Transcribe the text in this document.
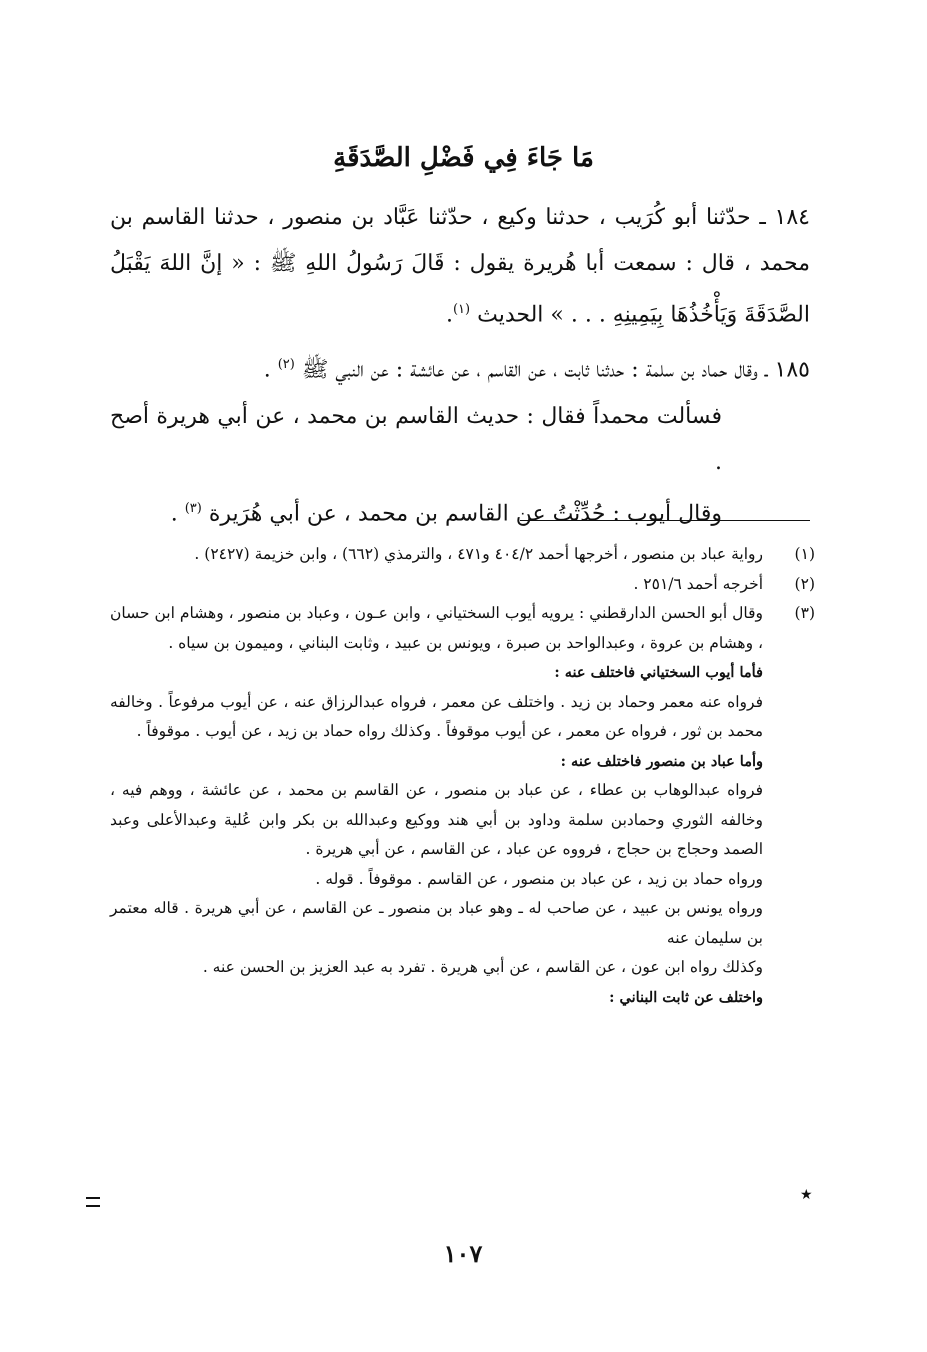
مَا جَاءَ فِي فَضْلِ الصَّدَقَةِ

١٨٤ ـ حدّثنا أبو كُرَيب ، حدثنا وكيع ، حدّثنا عَبَّاد بن منصور ، حدثنا القاسم بن محمد ، قال : سمعت أبا هُريرة يقول : قَالَ رَسُولُ اللهِ ﷺ : « إنَّ اللهَ يَقْبَلُ الصَّدَقَةَ وَيَأْخُذُهَا بِيَمِينِهِ . . . » الحديث $^{(١)}$.

١٨٥ ـ وقال حماد بن سلمة : حدثنا ثابت ، عن القاسم ، عن عائشة : عن النبي ﷺ $^{(٢)}$ .

فسألت محمداً فقال : حديث القاسم بن محمد ، عن أبي هريرة أصح .

وقال أيوب : حُدِّثْتُ عن القاسم بن محمد ، عن أبي هُرَيرة $^{(٣)}$ .

(١)

رواية عباد بن منصور ، أخرجها أحمد ٤٠٤/٢ و٤٧١ ، والترمذي (٦٦٢) ، وابن خزيمة (٢٤٢٧) .

(٢)

أخرجه أحمد ٢٥١/٦ .

(٣)

وقال أبو الحسن الدارقطني : يرويه أيوب السختياني ، وابن عـون ، وعباد بن منصور ، وهشام ابن حسان ، وهشام بن عروة ، وعبدالواحد بن صبرة ، ويونس بن عبيد ، وثابت البناني ، وميمون بن سياه .

فأما أيوب السختياني فاختلف عنه :

فرواه عنه معمر وحماد بن زيد . واختلف عن معمر ، فرواه عبدالرزاق عنه ، عن أيوب مرفوعاً . وخالفه محمد بن ثور ، فرواه عن معمر ، عن أيوب موقوفاً . وكذلك رواه حماد بن زيد ، عن أيوب . موقوفاً .

وأما عباد بن منصور فاختلف عنه :

فرواه عبدالوهاب بن عطاء ، عن عباد بن منصور ، عن القاسم بن محمد ، عن عائشة ، ووهم فيه ، وخالفه الثوري وحمادبن سلمة وداود بن أبي هند ووكيع وعبدالله بن بكر وابن عُلية وعبدالأعلى وعبد الصمد وحجاج بن حجاج ، فرووه عن عباد ، عن القاسم ، عن أبي هريرة .

ورواه حماد بن زيد ، عن عباد بن منصور ، عن القاسم . موقوفاً . قوله .

ورواه يونس بن عبيد ، عن صاحب له ـ وهو عباد بن منصور ـ عن القاسم ، عن أبي هريرة . قاله معتمر بن سليمان عنه

وكذلك رواه ابن عون ، عن القاسم ، عن أبي هريرة . تفرد به عبد العزيز بن الحسن عنه .

واختلف عن ثابت البناني :

★
١٠٧
